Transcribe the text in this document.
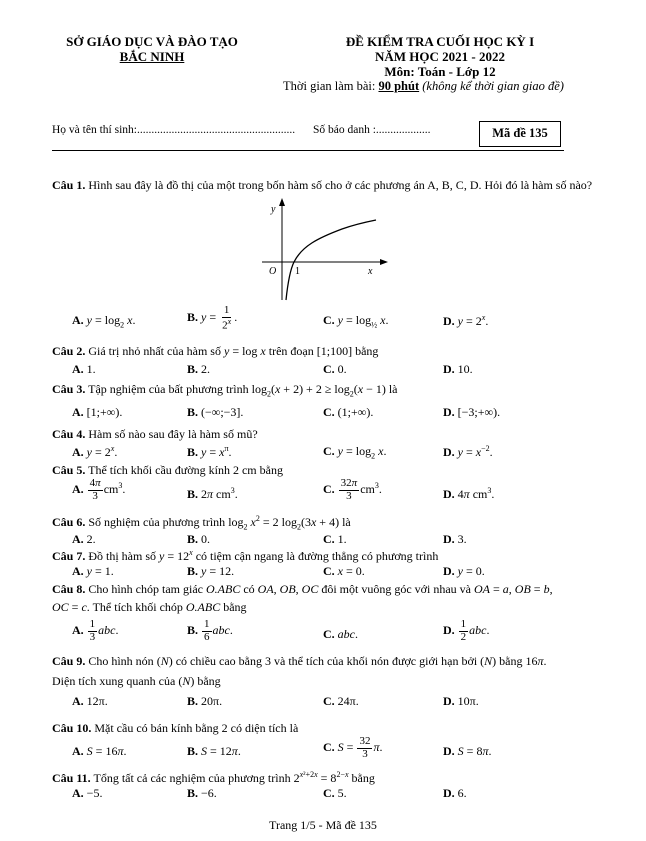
SỞ GIÁO DỤC VÀ ĐÀO TẠO
BẮC NINH
ĐỀ KIỂM TRA CUỐI HỌC KỲ I
NĂM HỌC 2021 - 2022
Môn: Toán - Lớp 12
Thời gian làm bài: 90 phút (không kể thời gian giao đề)
Họ và tên thí sinh:....................................................... Số báo danh :...................	Mã đề 135
Câu 1. Hình sau đây là đồ thị của một trong bốn hàm số cho ở các phương án A, B, C, D. Hỏi đó là hàm số nào?
y
x
O 1
A. $y = \log_2 x$.	B. $y = \frac{1}{2^x}$ .	C. $y = \log_{\frac{1}{2}} x$.	D. $y = 2^x$.
Câu 2. Giá trị nhỏ nhất của hàm số y = log x trên đoạn [1;100] bằng
A. 1.	B. 2.	C. 0.	D. 10.
Câu 3. Tập nghiệm của bất phương trình $\log_2(x + 2) + 2 \ge \log_2(x - 1)$ là
A. [1;+∞).	B. (−∞;−3].	C. (1;+∞).	D. [−3;+∞).
Câu 4. Hàm số nào sau đây là hàm số mũ?
A. $y = 2^x$.	B. $y = x^\pi$.	C. $y = \log_2 x$.	D. $y = x^{-2}$.
Câu 5. Thể tích khối cầu đường kính 2 cm bằng
A. $\frac{4\pi}{3} cm^3$.	B. 2π $cm^3$.	C. $\frac{32\pi}{3} cm^3$.	D. 4π $cm^3$.
Câu 6. Số nghiệm của phương trình $\log_2 x^2 = 2$ $\log_2(3x + 4)$ là
A. 2.	B. 0.	C. 1.	D. 3.
Câu 7. Đồ thị hàm số $y = 12^x$ có tiệm cận ngang là đường thẳng có phương trình
A. y = 1.	B. y = 12.	C. x = 0.	D. y = 0.
Câu 8. Cho hình chóp tam giác O.ABC có OA, OB, OC đôi một vuông góc với nhau và OA = a, OB = b,
OC = c. Thể tích khối chóp O.ABC bằng
A. $\frac{1}{3}$ abc.	B. $\frac{1}{6}$ abc.	C. abc.	D. $\frac{1}{2}$ abc.
Câu 9. Cho hình nón (N) có chiều cao bằng 3 và thể tích của khối nón được giới hạn bởi (N) bằng 16π.
Diện tích xung quanh của (N) bằng
A. 12π.	B. 20π.	C. 24π.	D. 10π.
Câu 10. Mặt cầu có bán kính bằng 2 có diện tích là
A. S = 16π.	B. S = 12π.	C. $S = \frac{32}{3} \pi$.	D. S = 8π.
Câu 11. Tổng tất cả các nghiệm của phương trình $2^{x^2+2x} = 8^{2-x}$ bằng
A. −5.	B. −6.	C. 5.	D. 6.
Trang 1/5 - Mã đề 135
